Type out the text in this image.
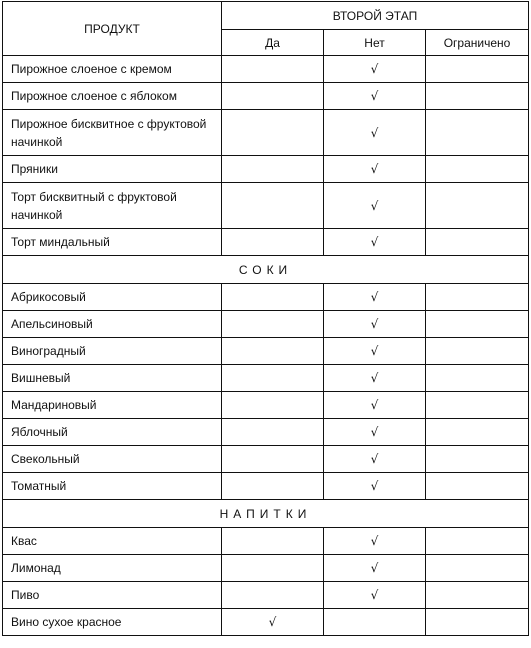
ПРОДУКТ	ВТОРОЙ ЭТАП		
	Да	Нет	Ограничено
Пирожное слоеное с кремом		√	
Пирожное слоеное с яблоком		√	
Пирожное бисквитное с фруктовой начинкой		√	
Пряники		√	
Торт бисквитный с фруктовой начинкой		√	
Торт миндальный		√	
СОКИ			
Абрикосовый		√	
Апельсиновый		√	
Виноградный		√	
Вишневый		√	
Мандариновый		√	
Яблочный		√	
Свекольный		√	
Томатный		√	
НАПИТКИ			
Квас		√	
Лимонад		√	
Пиво		√	
Вино сухое красное	√		
